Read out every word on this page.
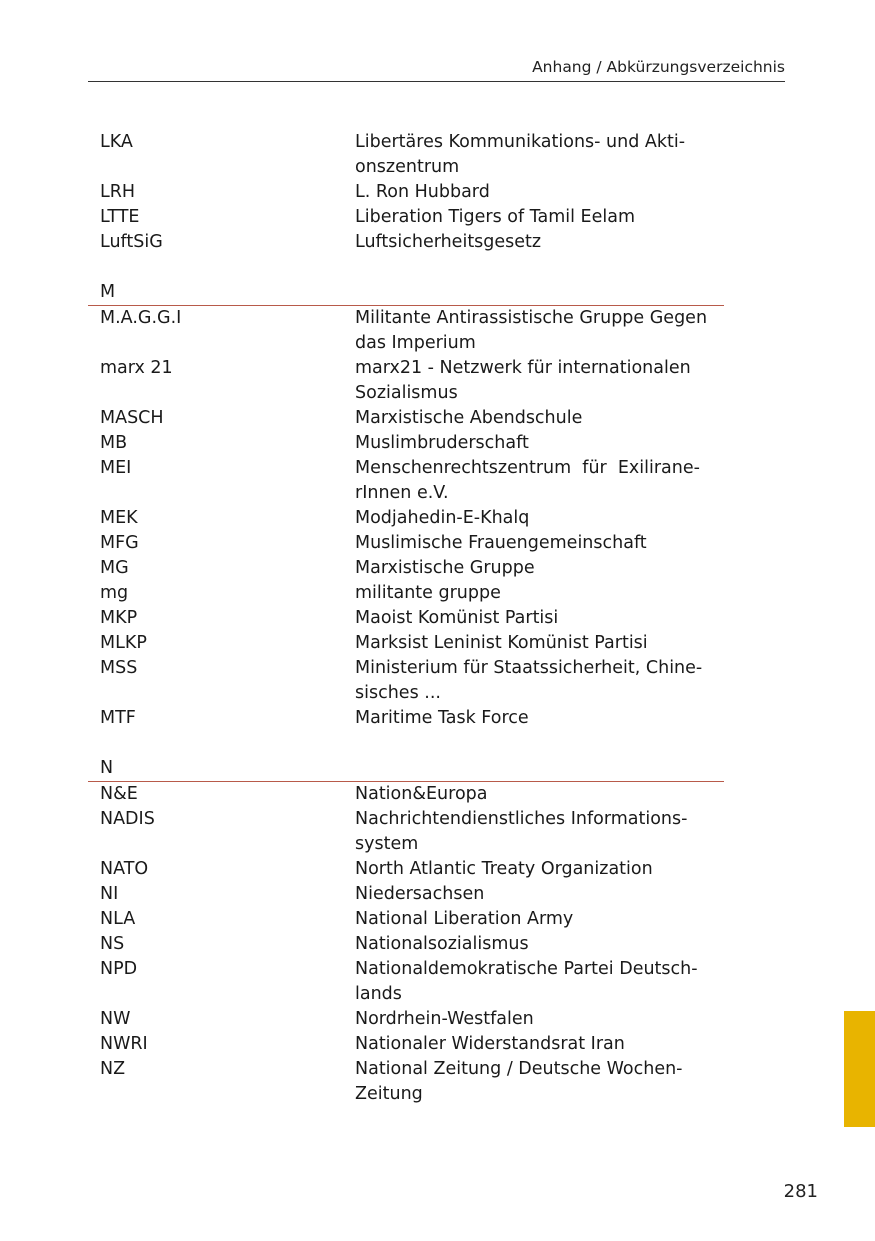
Anhang / Abkürzungsverzeichnis
LKA	Libertäres Kommunikations- und Akti-
onszentrum
LRH	L. Ron Hubbard
LTTE	Liberation Tigers of Tamil Eelam
LuftSiG	Luftsicherheitsgesetz
M
M.A.G.G.I	Militante Antirassistische Gruppe Gegen
das Imperium
marx 21	marx21 - Netzwerk für internationalen
Sozialismus
MASCH	Marxistische Abendschule
MB	Muslimbruderschaft
MEI	Menschenrechtszentrum  für  Exilirane-
rInnen e.V.
MEK	Modjahedin-E-Khalq
MFG	Muslimische Frauengemeinschaft
MG	Marxistische Gruppe
mg	militante gruppe
MKP	Maoist Komünist Partisi
MLKP	Marksist Leninist Komünist Partisi
MSS	Ministerium für Staatssicherheit, Chine-
sisches ...
MTF	Maritime Task Force
N
N&E	Nation&Europa
NADIS	Nachrichtendienstliches Informations-
system
NATO	North Atlantic Treaty Organization
NI	Niedersachsen
NLA	National Liberation Army
NS	Nationalsozialismus
NPD	Nationaldemokratische Partei Deutsch-
lands
NW	Nordrhein-Westfalen
NWRI	Nationaler Widerstandsrat Iran
NZ	National Zeitung / Deutsche Wochen-
Zeitung
281
